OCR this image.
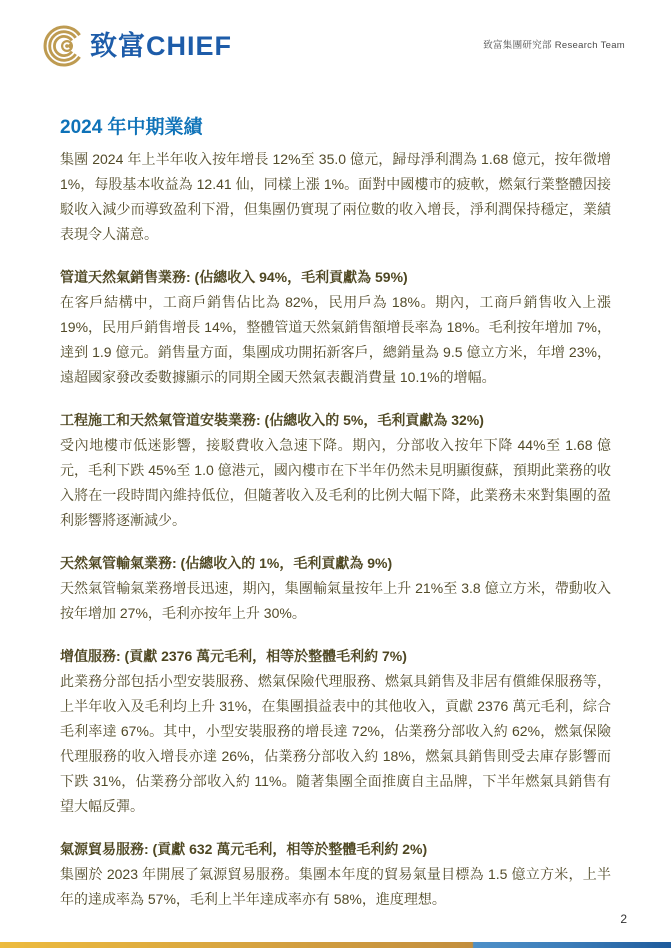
致富CHIEF	致富集團研究部 Research Team
2024 年中期業績

集團 2024 年上半年收入按年增長 12%至 35.0 億元，歸母淨利潤為 1.68 億元，按年微增 1%，每股基本收益為 12.41 仙，同樣上漲 1%。面對中國樓市的疲軟，燃氣行業整體因接駁收入減少而導致盈利下滑，但集團仍實現了兩位數的收入增長，淨利潤保持穩定，業績表現令人滿意。

管道天然氣銷售業務: (佔總收入 94%，毛利貢獻為 59%)

在客戶結構中，工商戶銷售佔比為 82%，民用戶為 18%。期內，工商戶銷售收入上漲 19%，民用戶銷售增長 14%，整體管道天然氣銷售額增長率為 18%。毛利按年增加 7%，達到 1.9 億元。銷售量方面，集團成功開拓新客戶，總銷量為 9.5 億立方米，年增 23%，遠超國家發改委數據顯示的同期全國天然氣表觀消費量 10.1%的增幅。

工程施工和天然氣管道安裝業務: (佔總收入的 5%，毛利貢獻為 32%)

受內地樓市低迷影響，接駁費收入急速下降。期內，分部收入按年下降 44%至 1.68 億元，毛利下跌 45%至 1.0 億港元，國內樓市在下半年仍然未見明顯復蘇，預期此業務的收入將在一段時間內維持低位，但隨著收入及毛利的比例大幅下降，此業務未來對集團的盈利影響將逐漸減少。

天然氣管輸氣業務: (佔總收入的 1%，毛利貢獻為 9%)

天然氣管輸氣業務增長迅速，期內，集團輸氣量按年上升 21%至 3.8 億立方米，帶動收入按年增加 27%，毛利亦按年上升 30%。

增值服務: (貢獻 2376 萬元毛利，相等於整體毛利約 7%)

此業務分部包括小型安裝服務、燃氣保險代理服務、燃氣具銷售及非居有償維保服務等，上半年收入及毛利均上升 31%，在集團損益表中的其他收入，貢獻 2376 萬元毛利，綜合毛利率達 67%。其中，小型安裝服務的增長達 72%，佔業務分部收入約 62%，燃氣保險代理服務的收入增長亦達 26%，佔業務分部收入約 18%，燃氣具銷售則受去庫存影響而下跌 31%，佔業務分部收入約 11%。隨著集團全面推廣自主品牌，下半年燃氣具銷售有望大幅反彈。

氣源貿易服務: (貢獻 632 萬元毛利，相等於整體毛利約 2%)

集團於 2023 年開展了氣源貿易服務。集團本年度的貿易氣量目標為 1.5 億立方米，上半年的達成率為 57%，毛利上半年達成率亦有 58%，進度理想。

2
